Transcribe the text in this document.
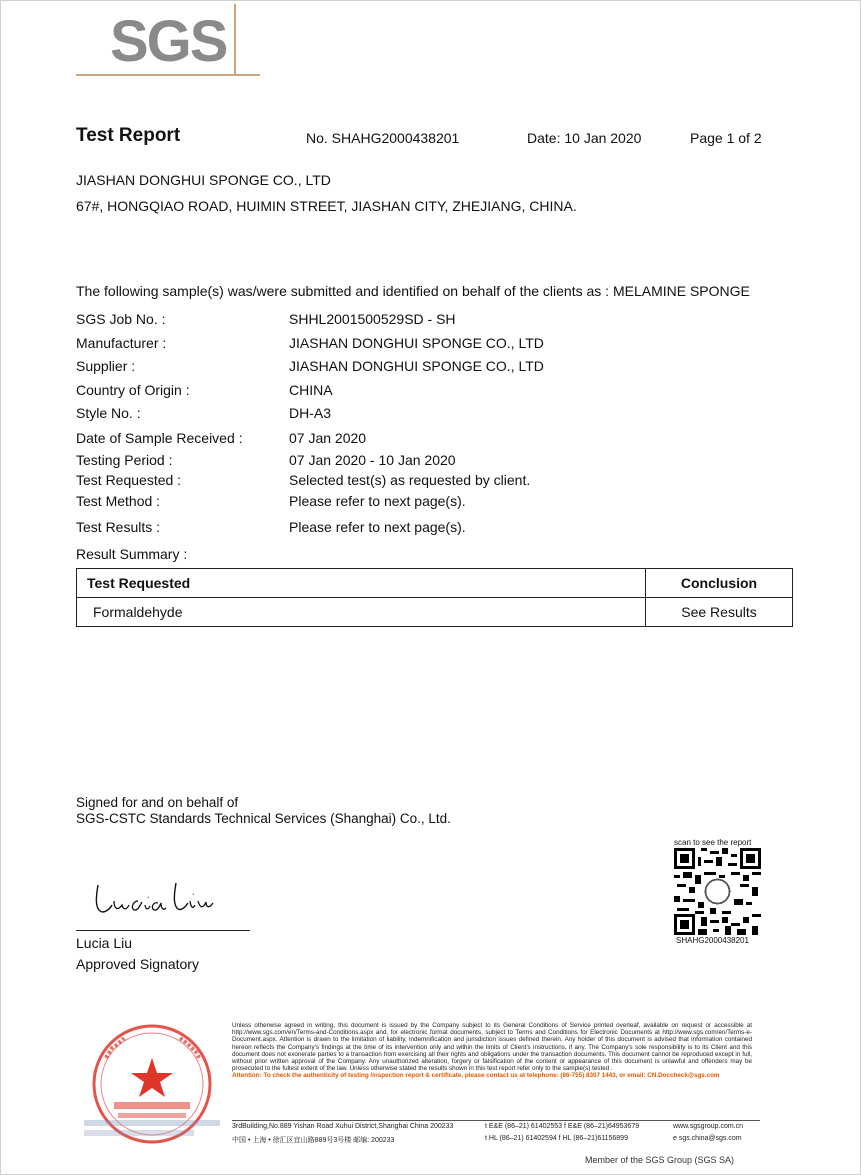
SGS
Test Report	No. SHAHG2000438201	Date: 10 Jan 2020	Page 1 of 2
JIASHAN DONGHUI SPONGE CO., LTD
67#, HONGQIAO ROAD, HUIMIN STREET, JIASHAN CITY, ZHEJIANG, CHINA.
The following sample(s) was/were submitted and identified on behalf of the clients as : MELAMINE SPONGE
SGS Job No. :	SHHL2001500529SD - SH
Manufacturer :	JIASHAN DONGHUI SPONGE CO., LTD
Supplier :	JIASHAN DONGHUI SPONGE CO., LTD
Country of Origin :	CHINA
Style No. :	DH-A3
Date of Sample Received :	07 Jan 2020
Testing Period :	07 Jan 2020 - 10 Jan 2020
Test Requested :	Selected test(s) as requested by client.
Test Method :	Please refer to next page(s).
Test Results :	Please refer to next page(s).
Result Summary :
Test Requested	Conclusion
Formaldehyde	See Results
Signed for and on behalf of
SGS-CSTC Standards Technical Services (Shanghai) Co., Ltd.
Lucia Liu
Approved Signatory
scan to see the report
SHAHG2000438201
Unless otherwise agreed in writing, this document is issued by the Company subject to its General Conditions of Service printed overleaf, available on request or accessible at http://www.sgs.com/en/Terms-and-Conditions.aspx and, for electronic format documents, subject to Terms and Conditions for Electronic Documents at http://www.sgs.com/en/Terms-e-Document.aspx. Attention is drawn to the limitation of liability, indemnification and jurisdiction issues defined therein. Any holder of this document is advised that information contained hereon reflects the Company's findings at the time of its intervention only and within the limits of Client's instructions, if any. The Company's sole responsibility is to its Client and this document does not exonerate parties to a transaction from exercising all their rights and obligations under the transaction documents. This document cannot be reproduced except in full, without prior written approval of the Company. Any unauthorized alteration, forgery or falsification of the content or appearance of this document is unlawful and offenders may be prosecuted to the fullest extent of the law. Unless otherwise stated the results shown in this test report refer only to the sample(s) tested .
Attention: To check the authenticity of testing /inspection report & certificate, please contact us at telephone: (86-755) 8307 1443, or email: CN.Doccheck@sgs.com
3rdBuilding,No.889 Yishan Road Xuhui District,Shanghai China 200233	t E&E (86–21) 61402553 f E&E (86–21)64953679	www.sgsgroup.com.cn
中国 • 上海 • 徐汇区宜山路889号3号楼 邮编: 200233	t HL (86–21) 61402594 f HL (86–21)61156899	e sgs.china@sgs.com
Member of the SGS Group (SGS SA)
